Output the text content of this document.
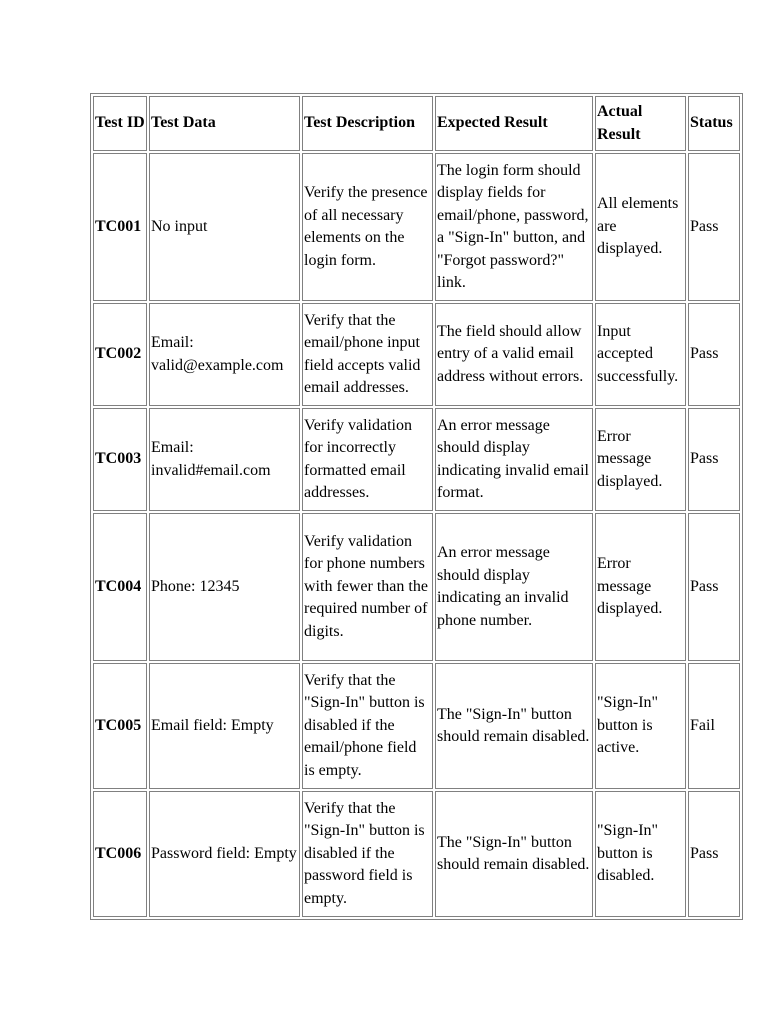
Test ID	Test Data	Test Description	Expected Result	Actual Result	Status
TC001	No input	Verify the presence of all necessary elements on the login form.	The login form should display fields for email/phone, password, a "Sign-In" button, and "Forgot password?" link.	All elements are displayed.	Pass
TC002	Email: valid@example.com	Verify that the email/phone input field accepts valid email addresses.	The field should allow entry of a valid email address without errors.	Input accepted successfully.	Pass
TC003	Email: invalid#email.com	Verify validation for incorrectly formatted email addresses.	An error message should display indicating invalid email format.	Error message displayed.	Pass
TC004	Phone: 12345	Verify validation for phone numbers with fewer than the required number of digits.	An error message should display indicating an invalid phone number.	Error message displayed.	Pass
TC005	Email field: Empty	Verify that the "Sign-In" button is disabled if the email/phone field is empty.	The "Sign-In" button should remain disabled.	"Sign-In" button is active.	Fail
TC006	Password field: Empty	Verify that the "Sign-In" button is disabled if the password field is empty.	The "Sign-In" button should remain disabled.	"Sign-In" button is disabled.	Pass
